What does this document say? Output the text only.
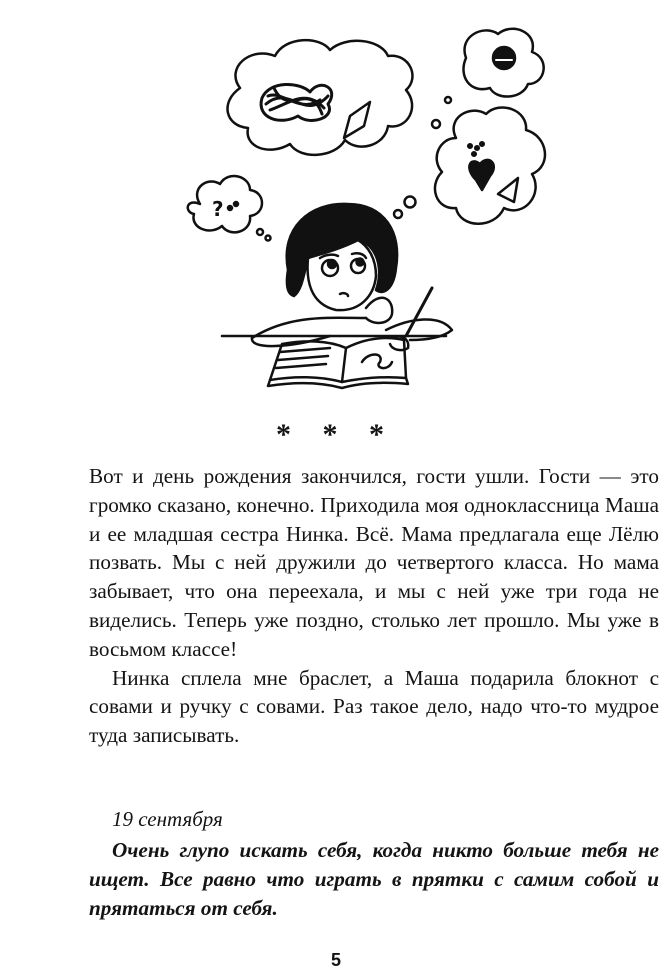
?
* * *

Вот и день рождения закончился, гости ушли. Гости — это громко сказано, конечно. Приходила моя одноклассница Маша и ее младшая сестра Нинка. Всё. Мама предлагала еще Лёлю позвать. Мы с ней дружили до четвертого класса. Но мама забывает, что она переехала, и мы с ней уже три года не виделись. Теперь уже поздно, столько лет прошло. Мы уже в восьмом классе!

Нинка сплела мне браслет, а Маша подарила блокнот с совами и ручку с совами. Раз такое дело, надо что-то мудрое туда записывать.

19 сентября
Очень глупо искать себя, когда никто больше тебя не ищет. Все равно что играть в прятки с самим собой и прятаться от себя.
5
